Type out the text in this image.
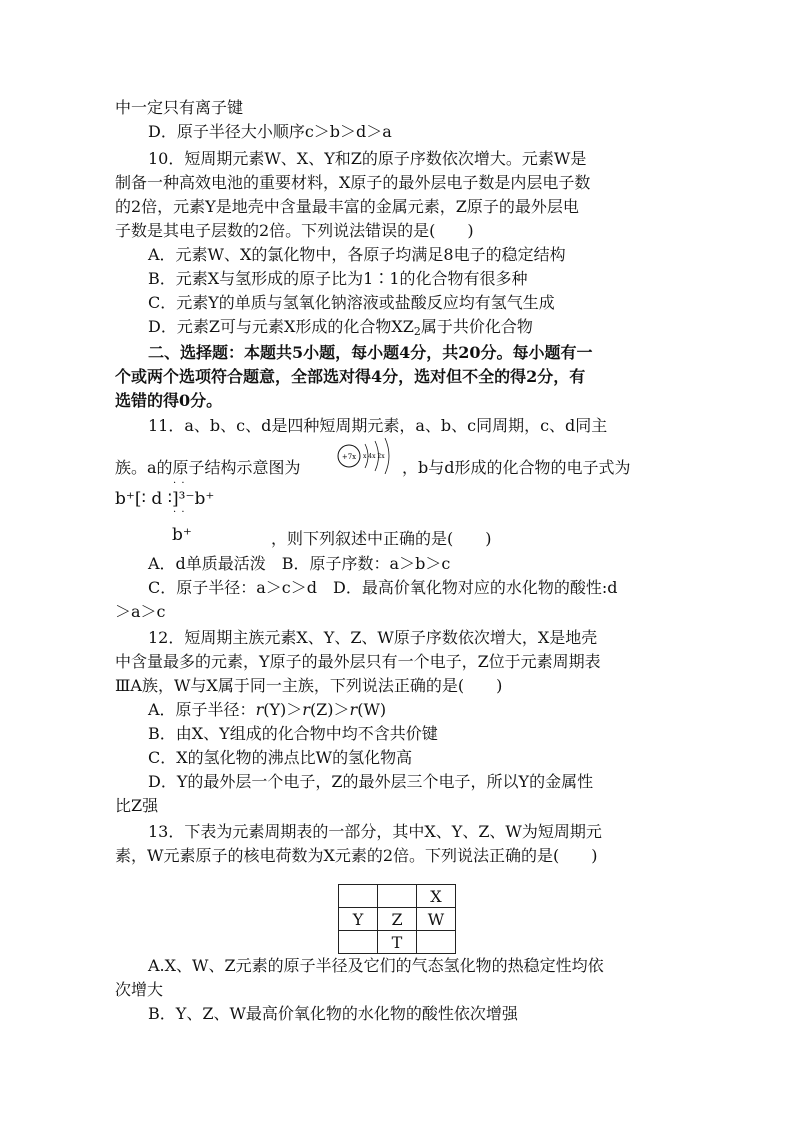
中一定只有离子键
D．原子半径大小顺序c＞b＞d＞a
10．短周期元素W、X、Y和Z的原子序数依次增大。元素W是
制备一种高效电池的重要材料，X原子的最外层电子数是内层电子数
的2倍，元素Y是地壳中含量最丰富的金属元素，Z原子的最外层电
子数是其电子层数的2倍。下列说法错误的是(　　)
A．元素W、X的氯化物中，各原子均满足8电子的稳定结构
B．元素X与氢形成的原子比为1∶1的化合物有很多种
C．元素Y的单质与氢氧化钠溶液或盐酸反应均有氢气生成
D．元素Z可与元素X形成的化合物$XZ_2$属于共价化合物
二、选择题：本题共5小题，每小题4分，共20分。每小题有一
个或两个选项符合题意，全部选对得4分，选对但不全的得2分，有
选错的得0分。
11．a、b、c、d是四种短周期元素，a、b、c同周期，c、d同主
族。a的原子结构示意图为
+7x x 4x 2x
，b与d形成的化合物的电子式为
b⁺[∶ d ∶]³⁻b⁺
· ·
· ·
b⁺	，则下列叙述中正确的是(　　)
A．d单质最活泼　B．原子序数：a＞b＞c
C．原子半径：a＞c＞d　D．最高价氧化物对应的水化物的酸性:d
＞a＞c
12．短周期主族元素X、Y、Z、W原子序数依次增大，X是地壳
中含量最多的元素，Y原子的最外层只有一个电子，Z位于元素周期表
ⅢA族，W与X属于同一主族，下列说法正确的是(　　)
A．原子半径：r(Y)＞r(Z)＞r(W)
B．由X、Y组成的化合物中均不含共价键
C．X的氢化物的沸点比W的氢化物高
D．Y的最外层一个电子，Z的最外层三个电子，所以Y的金属性
比Z强
13．下表为元素周期表的一部分，其中X、Y、Z、W为短周期元
素，W元素原子的核电荷数为X元素的2倍。下列说法正确的是(　　)
		X
Y	Z	W
	T	
A.X、W、Z元素的原子半径及它们的气态氢化物的热稳定性均依
次增大
B．Y、Z、W最高价氧化物的水化物的酸性依次增强
